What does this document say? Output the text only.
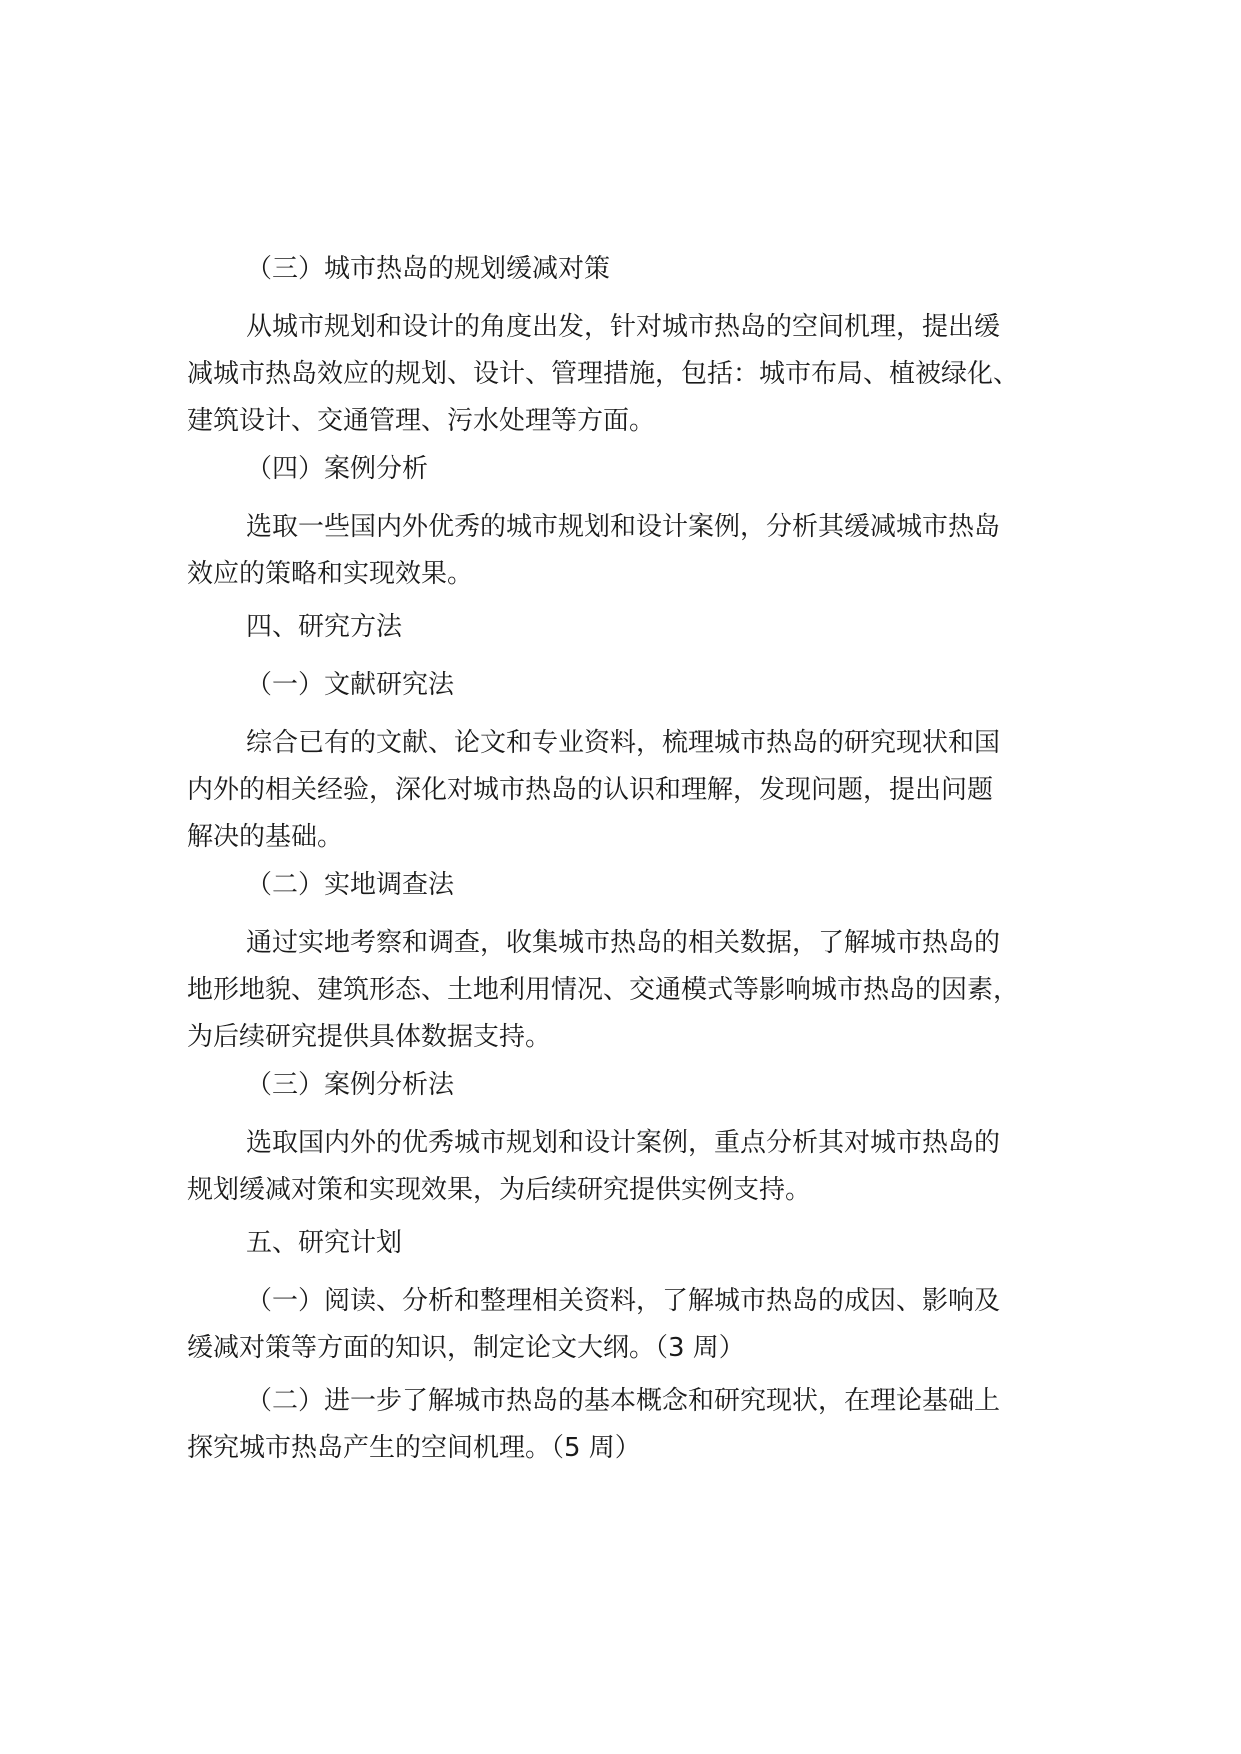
（三）城市热岛的规划缓减对策

从城市规划和设计的角度出发，针对城市热岛的空间机理，提出缓
减城市热岛效应的规划、设计、管理措施，包括：城市布局、植被绿化、
建筑设计、交通管理、污水处理等方面。

（四）案例分析

选取一些国内外优秀的城市规划和设计案例，分析其缓减城市热岛
效应的策略和实现效果。

四、研究方法

（一）文献研究法

综合已有的文献、论文和专业资料，梳理城市热岛的研究现状和国
内外的相关经验，深化对城市热岛的认识和理解，发现问题，提出问题
解决的基础。

（二）实地调查法

通过实地考察和调查，收集城市热岛的相关数据，了解城市热岛的
地形地貌、建筑形态、土地利用情况、交通模式等影响城市热岛的因素，
为后续研究提供具体数据支持。

（三）案例分析法

选取国内外的优秀城市规划和设计案例，重点分析其对城市热岛的
规划缓减对策和实现效果，为后续研究提供实例支持。

五、研究计划

（一）阅读、分析和整理相关资料，了解城市热岛的成因、影响及
缓减对策等方面的知识，制定论文大纲。（3 周）

（二）进一步了解城市热岛的基本概念和研究现状，在理论基础上
探究城市热岛产生的空间机理。（5 周）
